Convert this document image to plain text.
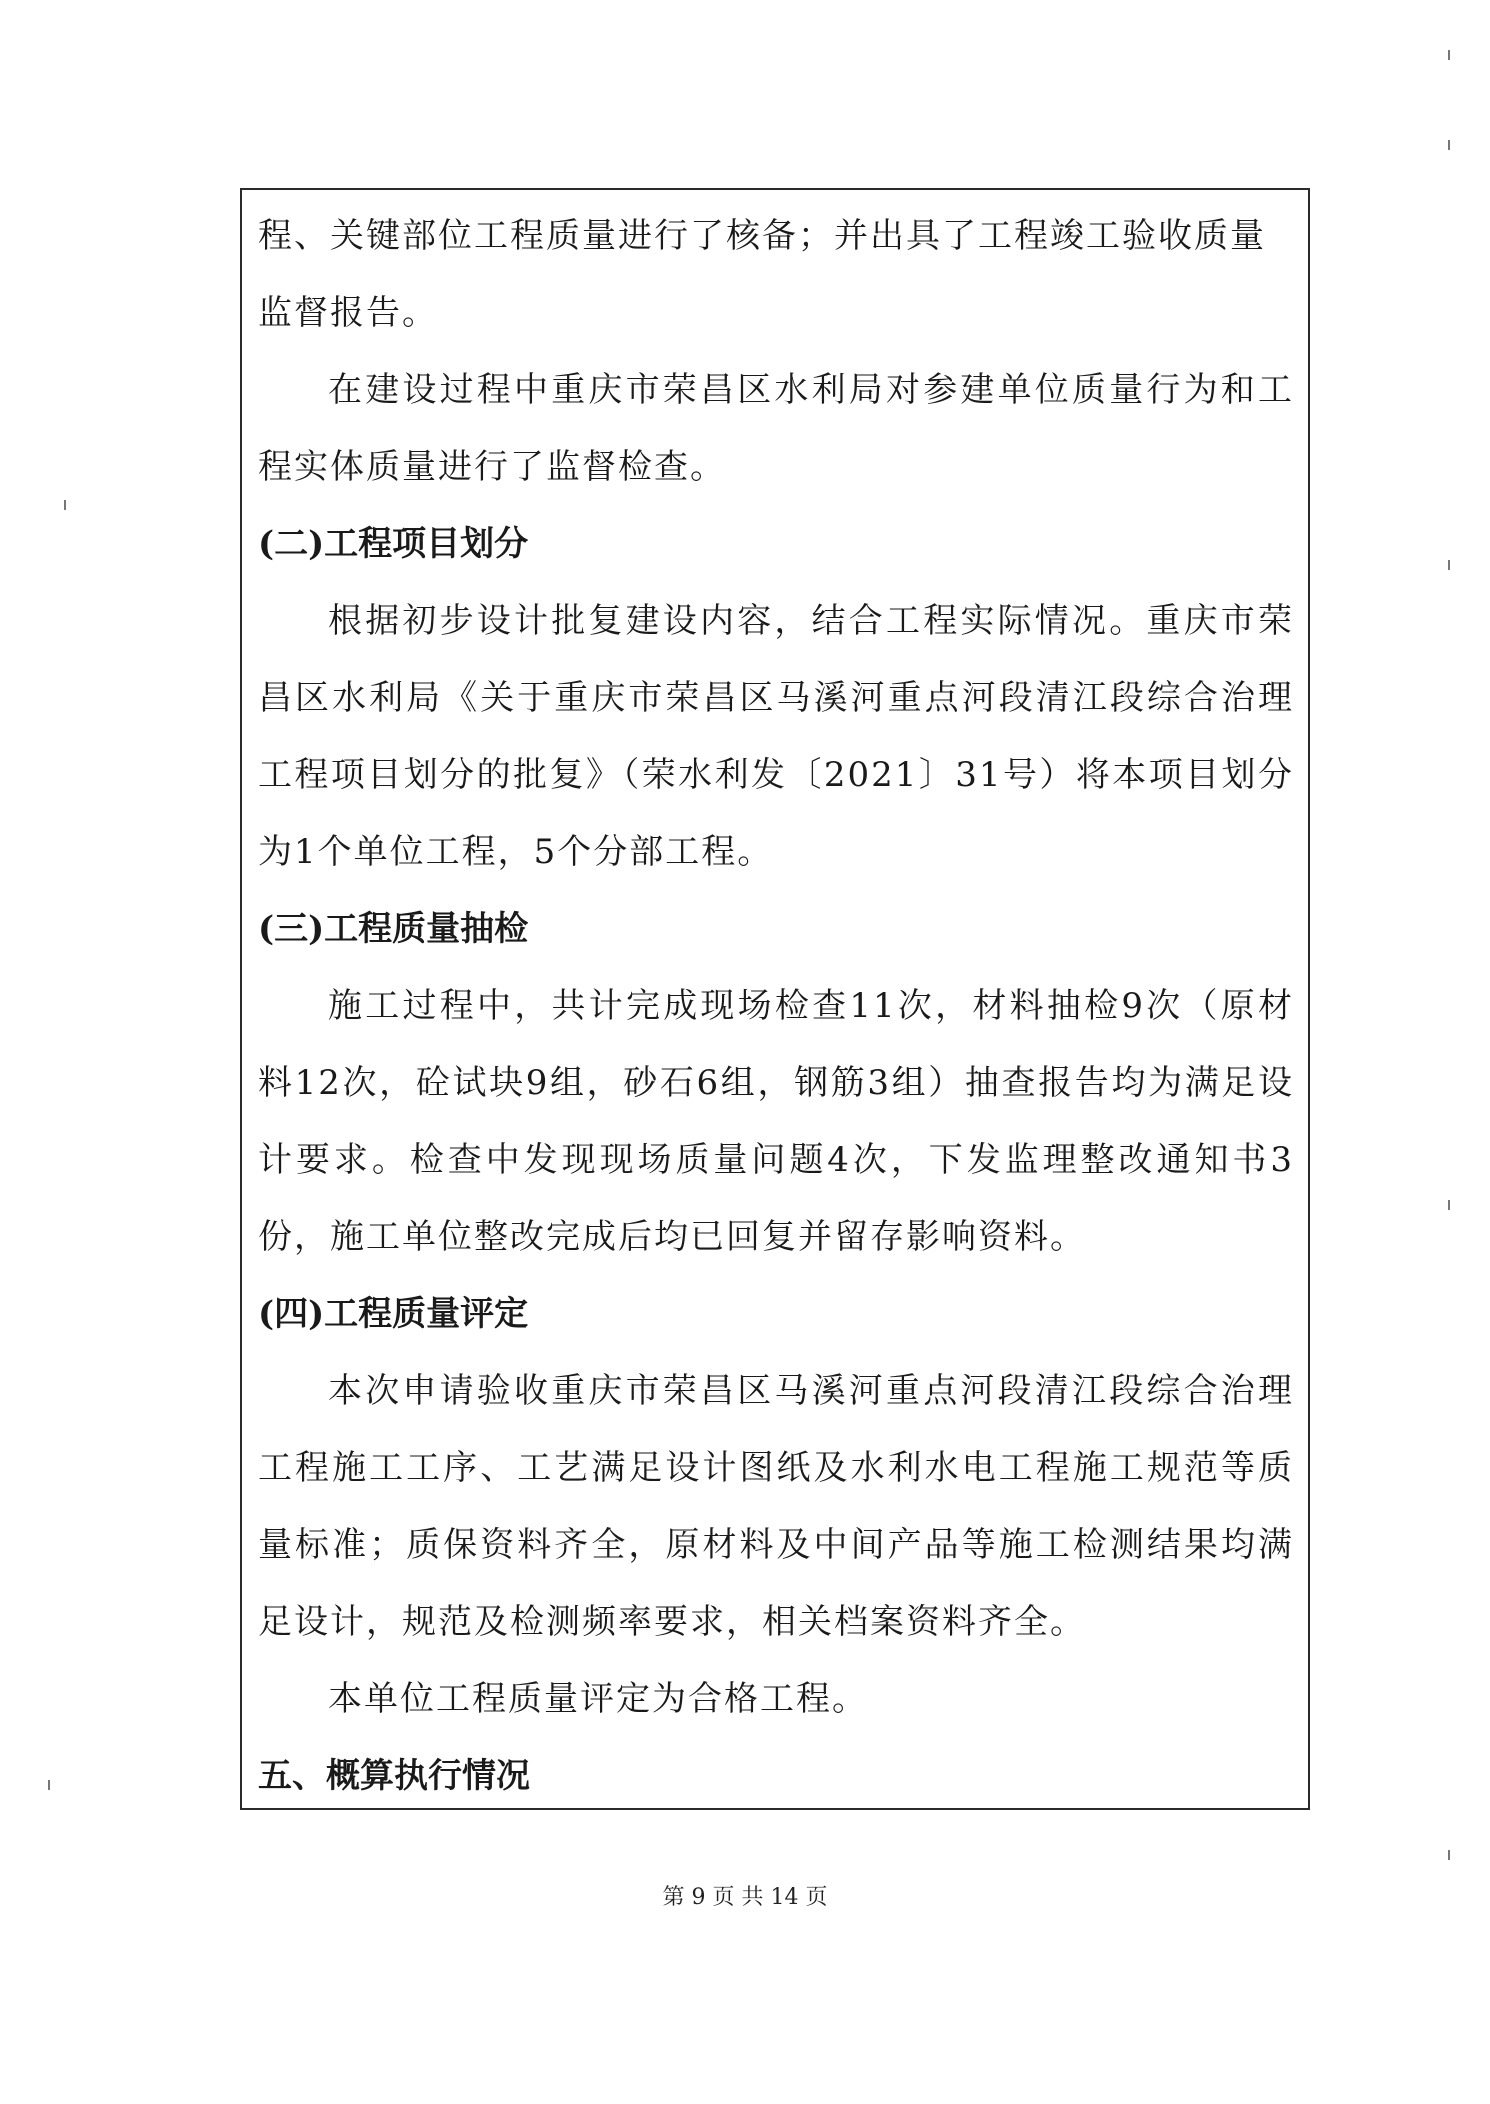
程、关键部位工程质量进行了核备；并出具了工程竣工验收质量监督报告。

在建设过程中重庆市荣昌区水利局对参建单位质量行为和工程实体质量进行了监督检查。

(二)工程项目划分

根据初步设计批复建设内容，结合工程实际情况。重庆市荣昌区水利局《关于重庆市荣昌区马溪河重点河段清江段综合治理工程项目划分的批复》（荣水利发〔2021〕31号）将本项目划分为1个单位工程，5个分部工程。

(三)工程质量抽检

施工过程中，共计完成现场检查11次，材料抽检9次（原材料12次，砼试块9组，砂石6组，钢筋3组）抽查报告均为满足设计要求。检查中发现现场质量问题4次，下发监理整改通知书3份，施工单位整改完成后均已回复并留存影响资料。

(四)工程质量评定

本次申请验收重庆市荣昌区马溪河重点河段清江段综合治理工程施工工序、工艺满足设计图纸及水利水电工程施工规范等质量标准；质保资料齐全，原材料及中间产品等施工检测结果均满足设计，规范及检测频率要求，相关档案资料齐全。

本单位工程质量评定为合格工程。

五、概算执行情况

第 9 页 共 14 页
